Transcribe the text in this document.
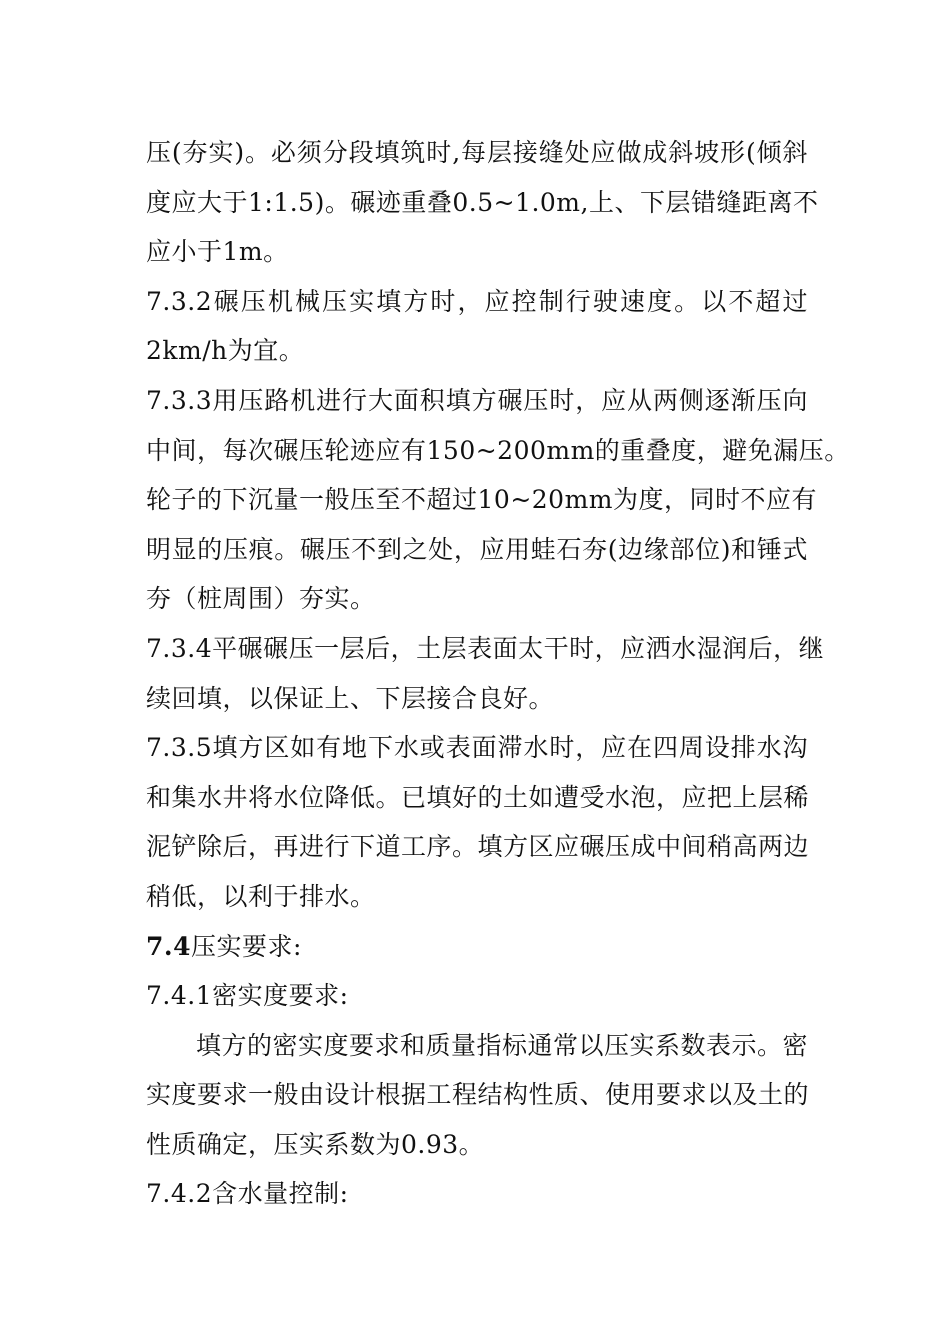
压(夯实)。必须分段填筑时,每层接缝处应做成斜坡形(倾斜
度应大于1:1.5)。碾迹重叠0.5~1.0m,上、下层错缝距离不
应小于1m。
7.3.2碾压机械压实填方时，应控制行驶速度。以不超过
2km/h为宜。
7.3.3用压路机进行大面积填方碾压时，应从两侧逐渐压向
中间，每次碾压轮迹应有150~200mm的重叠度，避免漏压。
轮子的下沉量一般压至不超过10~20mm为度，同时不应有
明显的压痕。碾压不到之处，应用蛙石夯(边缘部位)和锤式
夯（桩周围）夯实。
7.3.4平碾碾压一层后，土层表面太干时，应洒水湿润后，继
续回填，以保证上、下层接合良好。
7.3.5填方区如有地下水或表面滞水时，应在四周设排水沟
和集水井将水位降低。已填好的土如遭受水泡，应把上层稀
泥铲除后，再进行下道工序。填方区应碾压成中间稍高两边
稍低，以利于排水。
7.4压实要求:
7.4.1密实度要求:
填方的密实度要求和质量指标通常以压实系数表示。密
实度要求一般由设计根据工程结构性质、使用要求以及土的
性质确定，压实系数为0.93。
7.4.2含水量控制:
